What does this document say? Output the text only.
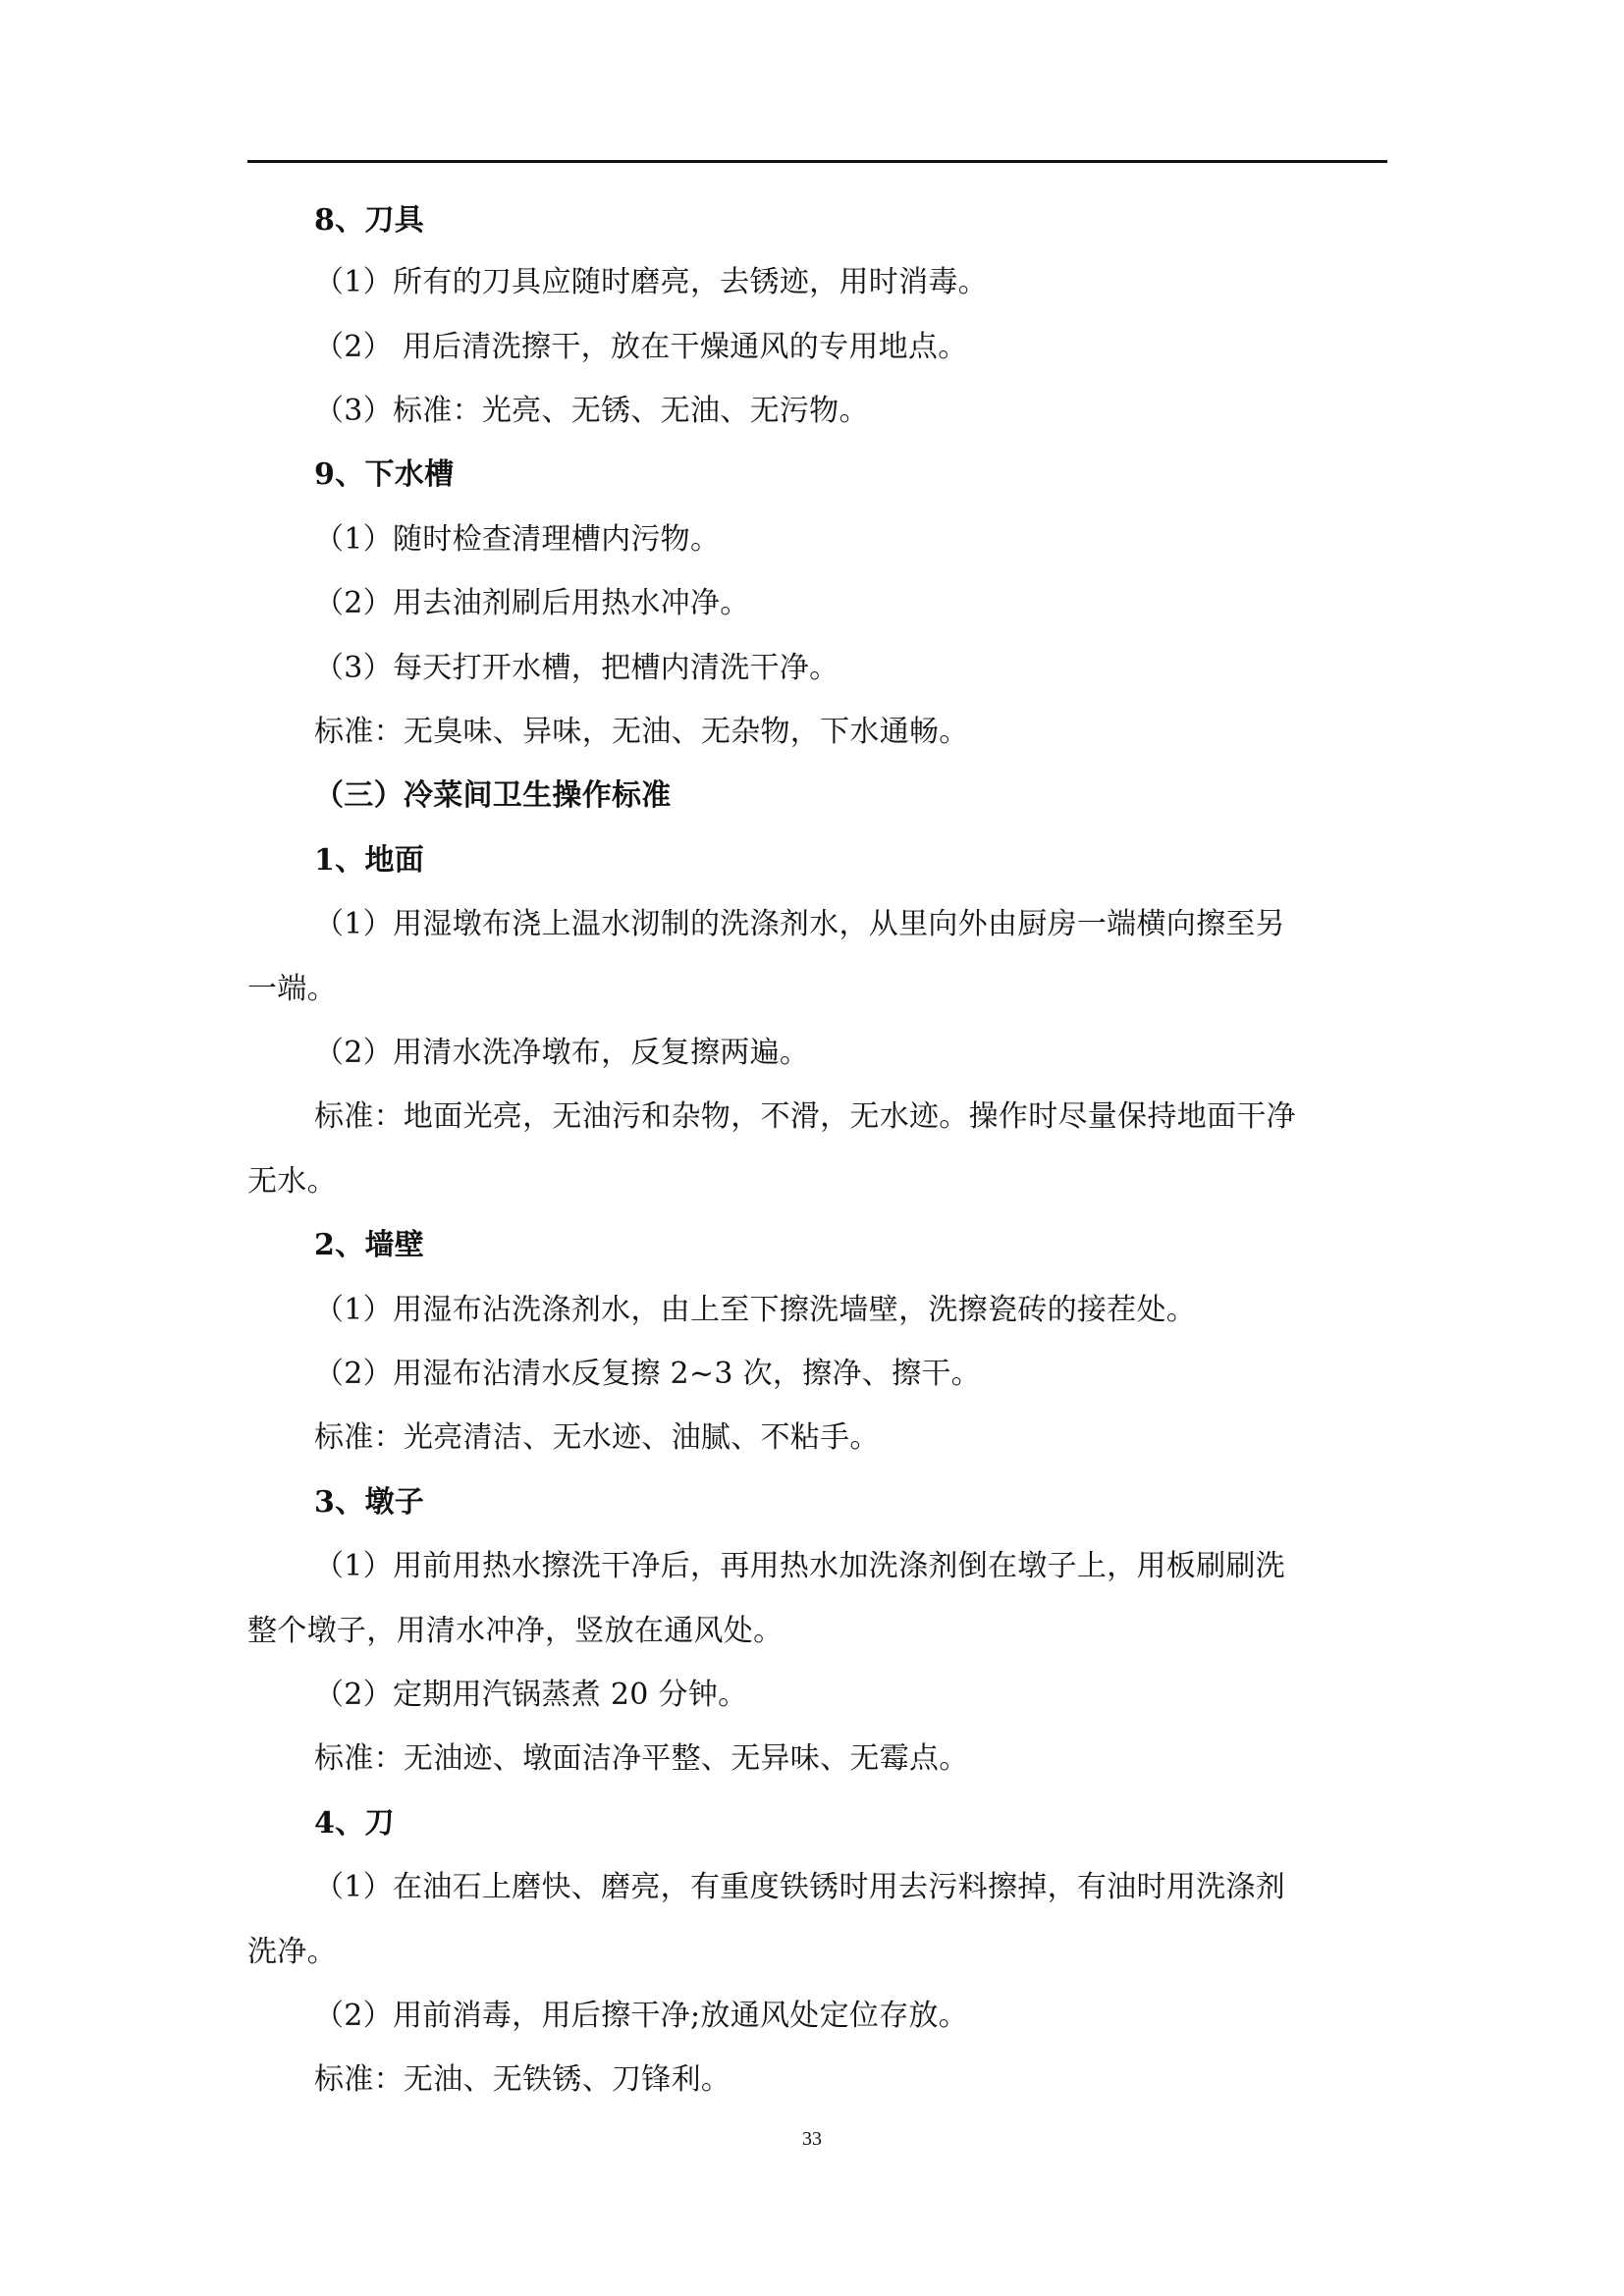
8、刀具
（1）所有的刀具应随时磨亮，去锈迹，用时消毒。
（2） 用后清洗擦干，放在干燥通风的专用地点。
（3）标准：光亮、无锈、无油、无污物。
9、下水槽
（1）随时检查清理槽内污物。
（2）用去油剂刷后用热水冲净。
（3）每天打开水槽，把槽内清洗干净。
标准：无臭味、异味，无油、无杂物，下水通畅。
（三）冷菜间卫生操作标准
1、地面
（1）用湿墩布浇上温水沏制的洗涤剂水，从里向外由厨房一端横向擦至另
一端。
（2）用清水洗净墩布，反复擦两遍。
标准：地面光亮，无油污和杂物，不滑，无水迹。操作时尽量保持地面干净
无水。
2、墙壁
（1）用湿布沾洗涤剂水，由上至下擦洗墙壁，洗擦瓷砖的接茬处。
（2）用湿布沾清水反复擦 2~3 次，擦净、擦干。
标准：光亮清洁、无水迹、油腻、不粘手。
3、墩子
（1）用前用热水擦洗干净后，再用热水加洗涤剂倒在墩子上，用板刷刷洗
整个墩子，用清水冲净，竖放在通风处。
（2）定期用汽锅蒸煮 20 分钟。
标准：无油迹、墩面洁净平整、无异味、无霉点。
4、刀
（1）在油石上磨快、磨亮，有重度铁锈时用去污料擦掉，有油时用洗涤剂
洗净。
（2）用前消毒，用后擦干净;放通风处定位存放。
标准：无油、无铁锈、刀锋利。
33
